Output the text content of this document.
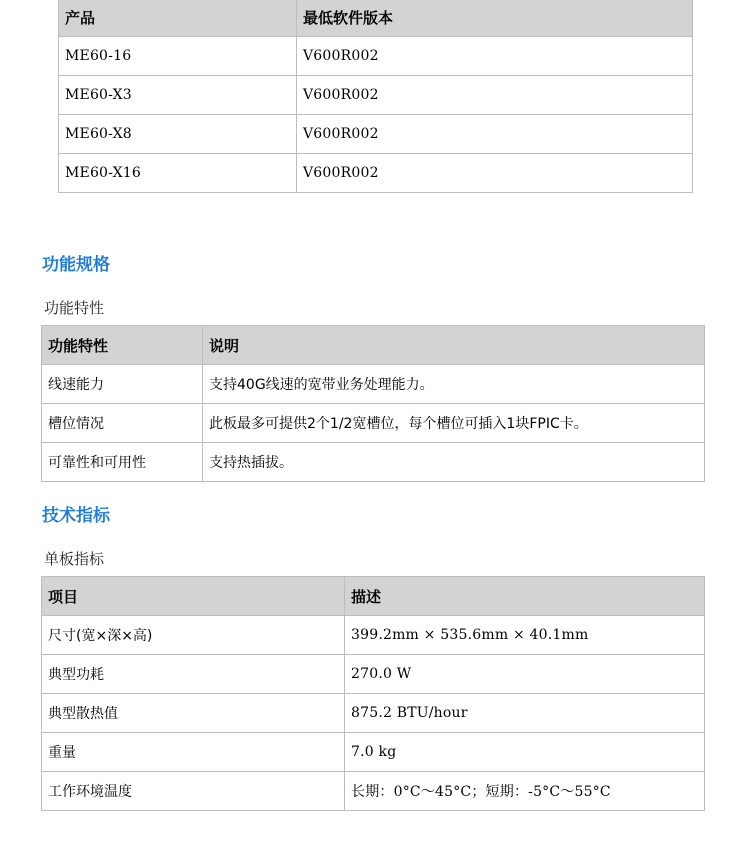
产品	最低软件版本
ME60-16	V600R002
ME60-X3	V600R002
ME60-X8	V600R002
ME60-X16	V600R002
功能规格

功能特性

功能特性	说明
线速能力	支持40G线速的宽带业务处理能力。
槽位情况	此板最多可提供2个1/2宽槽位，每个槽位可插入1块FPIC卡。
可靠性和可用性	支持热插拔。
技术指标

单板指标

项目	描述
尺寸(宽×深×高)	399.2mm × 535.6mm × 40.1mm
典型功耗	270.0 W
典型散热值	875.2 BTU/hour
重量	7.0 kg
工作环境温度	长期：0°C～45°C；短期：-5°C～55°C
